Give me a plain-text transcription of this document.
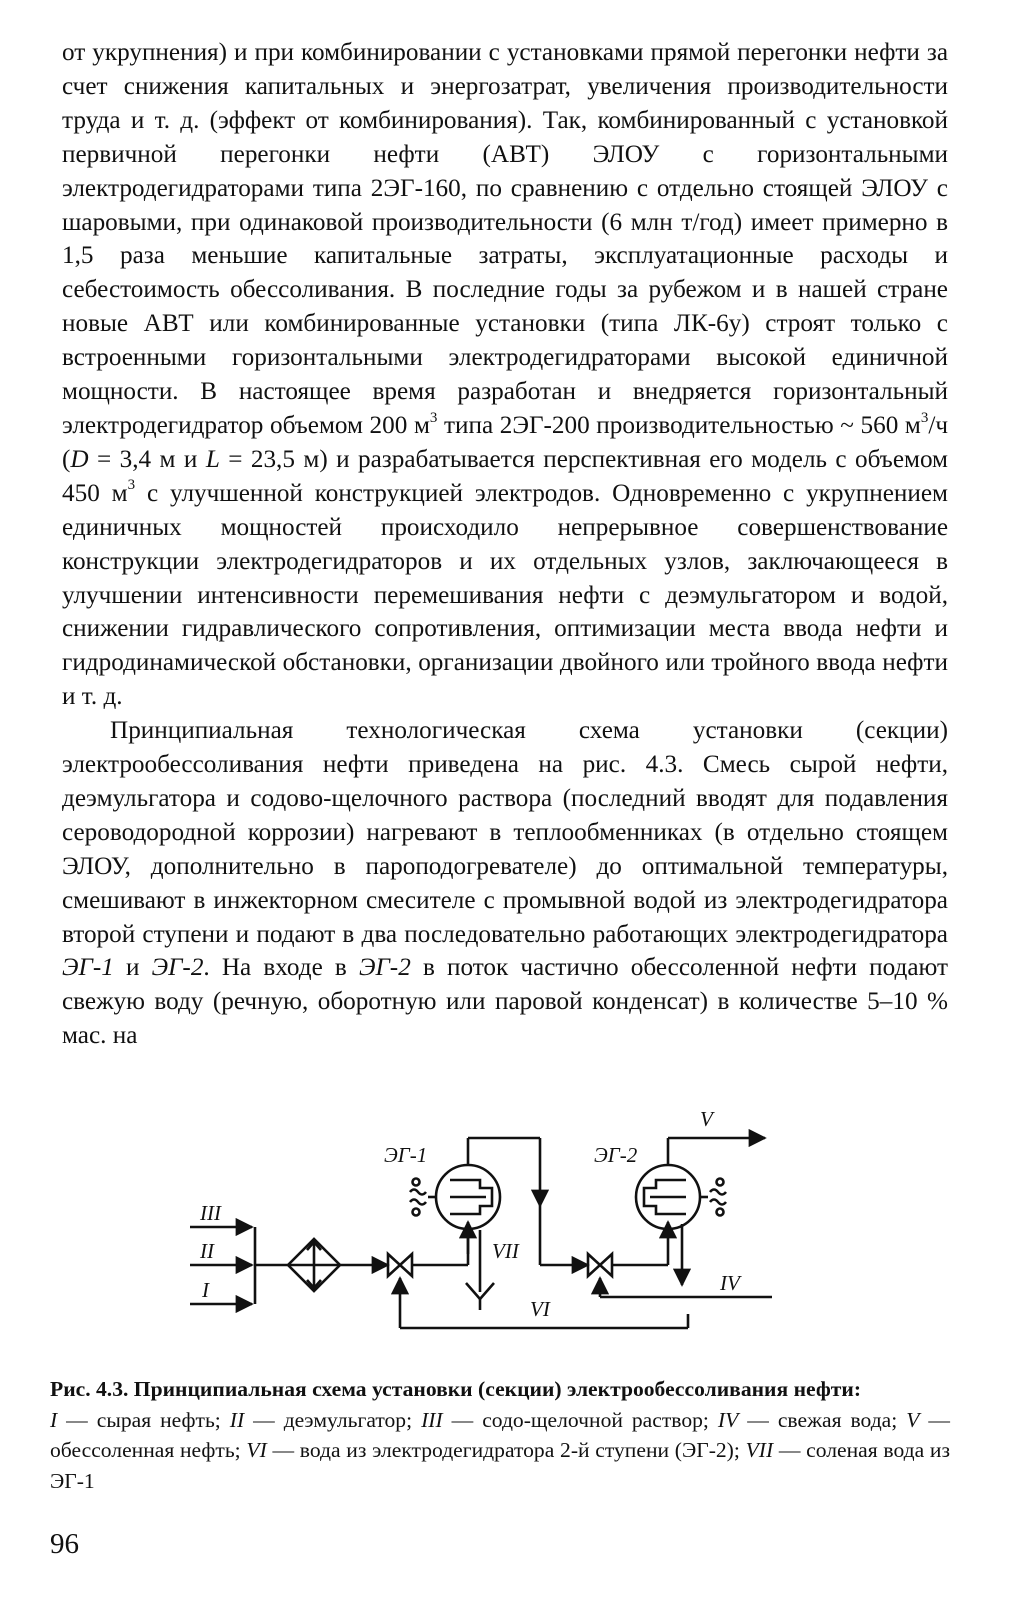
от укрупнения) и при комбинировании с установками прямой перегонки нефти за счет снижения капитальных и энергозатрат, увеличения производительности труда и т. д. (эффект от комбинирования). Так, комбинированный с установкой первичной перегонки нефти (АВТ) ЭЛОУ с горизонтальными электродегидраторами типа 2ЭГ-160, по сравнению с отдельно стоящей ЭЛОУ с шаровыми, при одинаковой производительности (6 млн т/год) имеет примерно в 1,5 раза меньшие капитальные затраты, эксплуатационные расходы и себестоимость обессоливания. В последние годы за рубежом и в нашей стране новые АВТ или комбинированные установки (типа ЛК-6у) строят только с встроенными горизонтальными электродегидраторами высокой единичной мощности. В настоящее время разработан и внедряется горизонтальный электродегидратор объемом 200 $м^3$ типа 2ЭГ-200 производительностью ~ 560 $м^3/ч$ (D = 3,4 м и L = 23,5 м) и разрабатывается перспективная его модель с объемом 450 $м^3$ с улучшенной конструкцией электродов. Одновременно с укрупнением единичных мощностей происходило непрерывное совершенствование конструкции электродегидраторов и их отдельных узлов, заключающееся в улучшении интенсивности перемешивания нефти с деэмульгатором и водой, снижении гидравлического сопротивления, оптимизации места ввода нефти и гидродинамической обстановки, организации двойного или тройного ввода нефти и т. д.

Принципиальная технологическая схема установки (секции) электрообессоливания нефти приведена на рис. 4.3. Смесь сырой нефти, деэмульгатора и содово-щелочного раствора (последний вводят для подавления сероводородной коррозии) нагревают в теплообменниках (в отдельно стоящем ЭЛОУ, дополнительно в пароподогревателе) до оптимальной температуры, смешивают в инжекторном смесителе с промывной водой из электродегидратора второй ступени и подают в два последовательно работающих электродегидратора ЭГ-1 и ЭГ-2. На входе в ЭГ-2 в поток частично обессоленной нефти подают свежую воду (речную, оборотную или паровой конденсат) в количестве 5–10 % мас. на

ЭГ-1	ЭГ-2
III
II
I
VII
VI
IV
V

Рис. 4.3. Принципиальная схема установки (секции) электрообессоливания нефти:
I — сырая нефть; II — деэмульгатор; III — содо-щелочной раствор; IV — свежая вода; V — обессоленная нефть; VI — вода из электродегидратора 2-й ступени (ЭГ-2); VII — соленая вода из ЭГ-1

96
